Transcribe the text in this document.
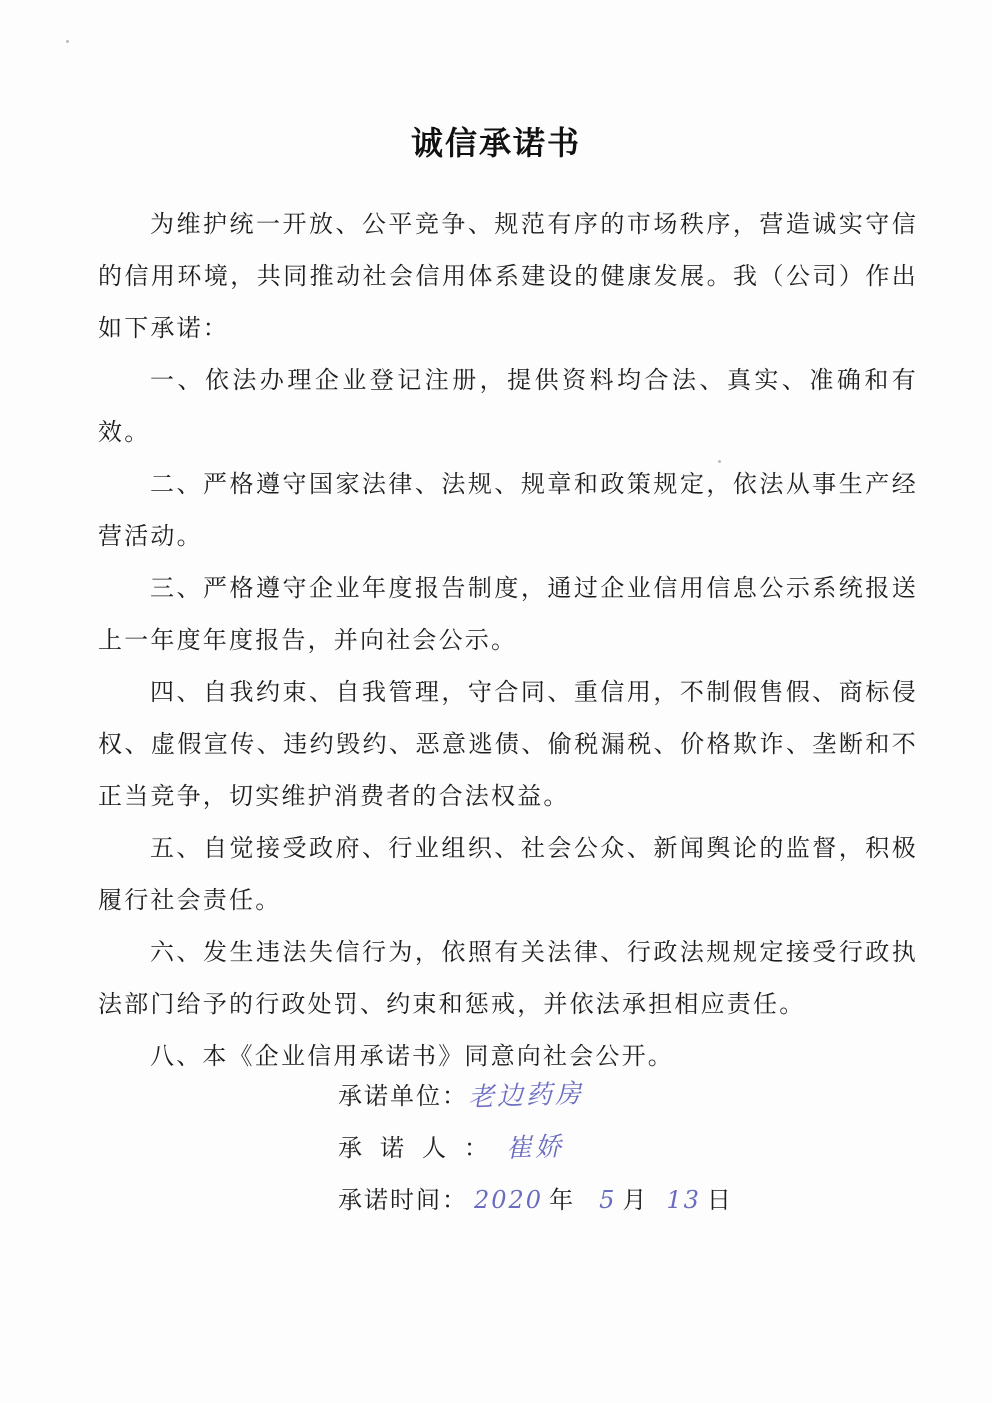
诚信承诺书

为维护统一开放、公平竞争、规范有序的市场秩序，营造诚实守信的信用环境，共同推动社会信用体系建设的健康发展。我（公司）作出如下承诺：

一、依法办理企业登记注册，提供资料均合法、真实、准确和有效。

二、严格遵守国家法律、法规、规章和政策规定，依法从事生产经营活动。

三、严格遵守企业年度报告制度，通过企业信用信息公示系统报送上一年度年度报告，并向社会公示。

四、自我约束、自我管理，守合同、重信用，不制假售假、商标侵权、虚假宣传、违约毁约、恶意逃债、偷税漏税、价格欺诈、垄断和不正当竞争，切实维护消费者的合法权益。

五、自觉接受政府、行业组织、社会公众、新闻舆论的监督，积极履行社会责任。

六、发生违法失信行为，依照有关法律、行政法规规定接受行政执法部门给予的行政处罚、约束和惩戒，并依法承担相应责任。

八、本《企业信用承诺书》同意向社会公开。

承诺单位：老边药房
承诺人：崔娇
承诺时间： 2020 年 5 月 13 日
